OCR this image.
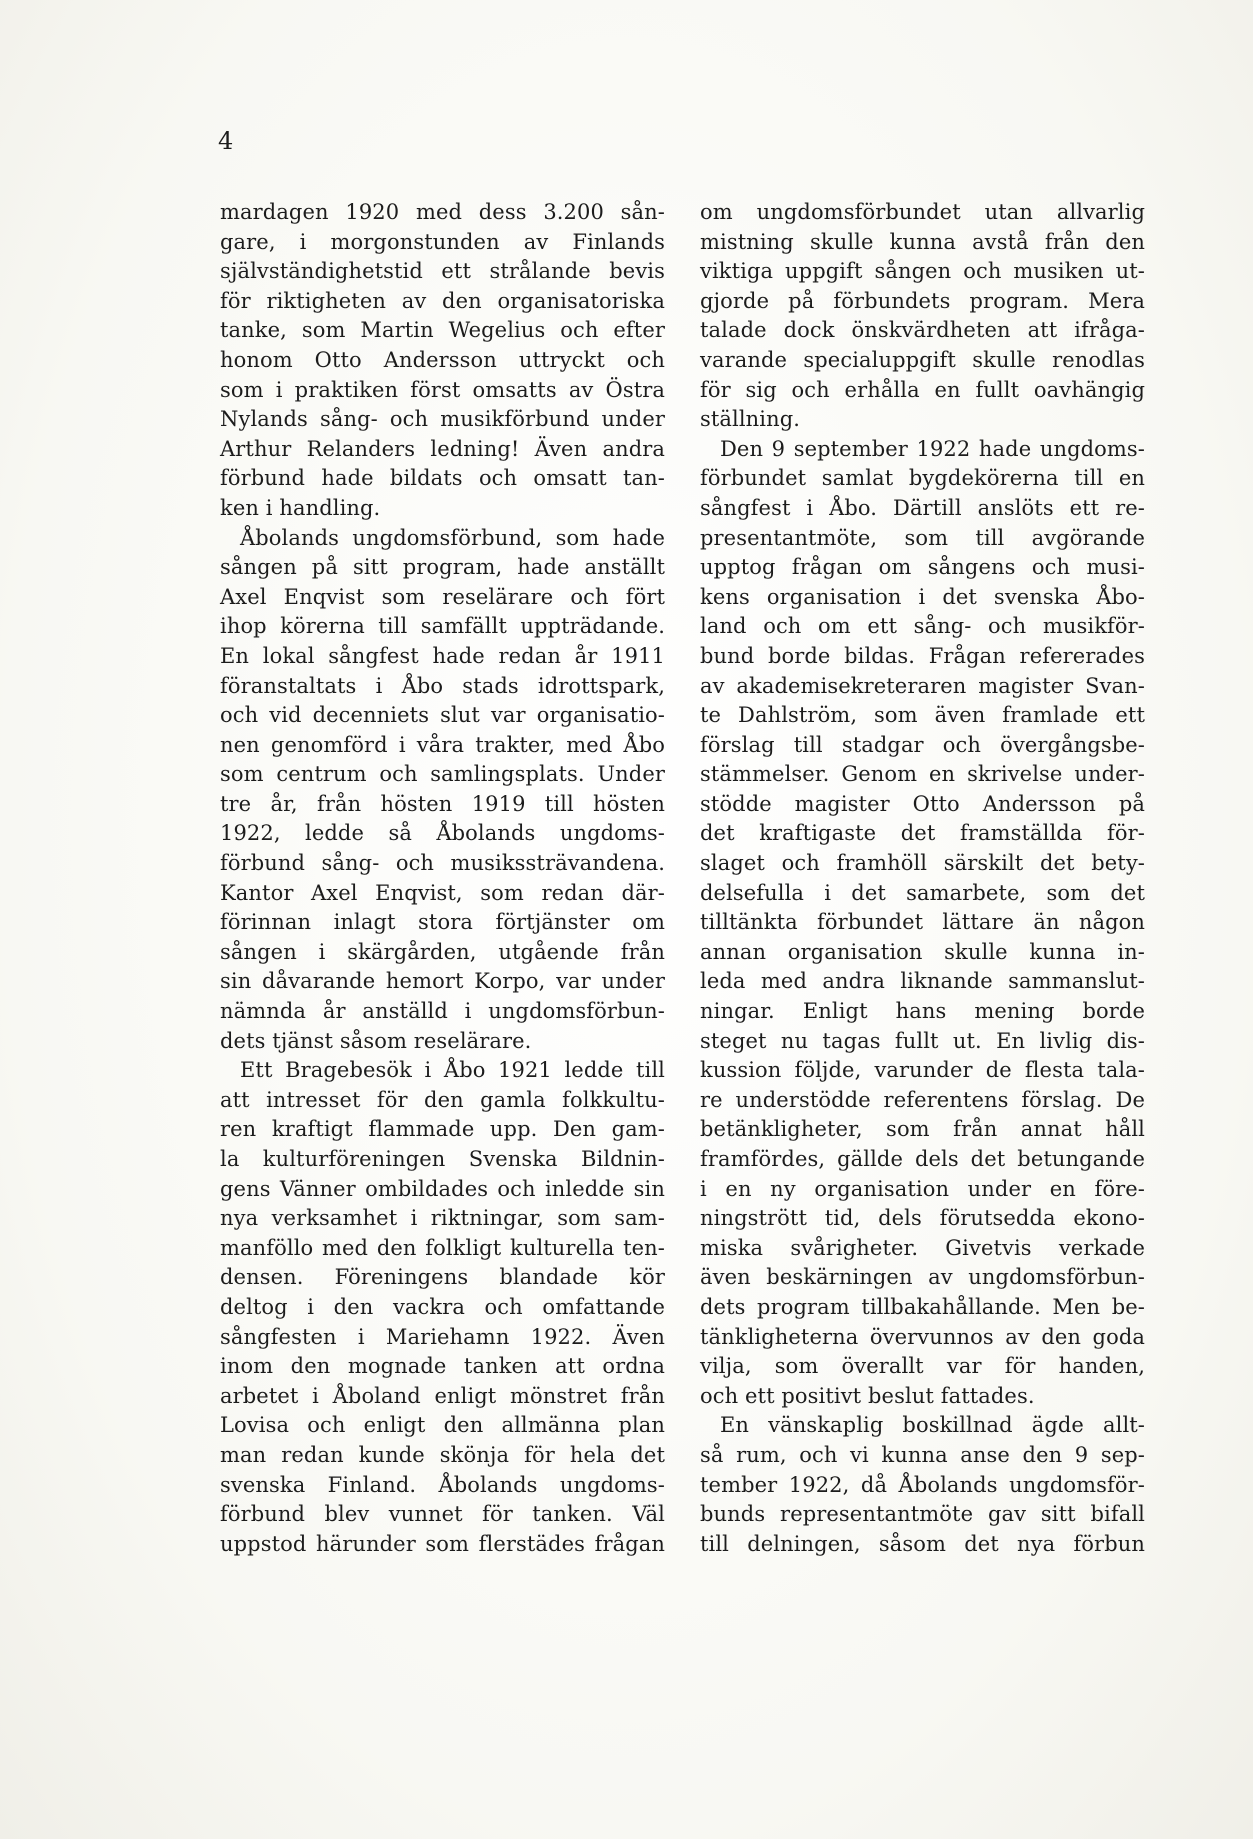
4
mardagen 1920 med dess 3.200 sån-
gare, i morgonstunden av Finlands
självständighetstid ett strålande bevis
för riktigheten av den organisatoriska
tanke, som Martin Wegelius och efter
honom Otto Andersson uttryckt och
som i praktiken först omsatts av Östra
Nylands sång- och musikförbund under
Arthur Relanders ledning! Även andra
förbund hade bildats och omsatt tan-
ken i handling.
Åbolands ungdomsförbund, som hade
sången på sitt program, hade anställt
Axel Enqvist som reselärare och fört
ihop körerna till samfällt uppträdande.
En lokal sångfest hade redan år 1911
föranstaltats i Åbo stads idrottspark,
och vid decenniets slut var organisatio-
nen genomförd i våra trakter, med Åbo
som centrum och samlingsplats. Under
tre år, från hösten 1919 till hösten
1922, ledde så Åbolands ungdoms-
förbund sång- och musikssträvandena.
Kantor Axel Enqvist, som redan där-
förinnan inlagt stora förtjänster om
sången i skärgården, utgående från
sin dåvarande hemort Korpo, var under
nämnda år anställd i ungdomsförbun-
dets tjänst såsom reselärare.
Ett Bragebesök i Åbo 1921 ledde till
att intresset för den gamla folkkultu-
ren kraftigt flammade upp. Den gam-
la kulturföreningen Svenska Bildnin-
gens Vänner ombildades och inledde sin
nya verksamhet i riktningar, som sam-
manföllo med den folkligt kulturella ten-
densen. Föreningens blandade kör
deltog i den vackra och omfattande
sångfesten i Mariehamn 1922. Även
inom den mognade tanken att ordna
arbetet i Åboland enligt mönstret från
Lovisa och enligt den allmänna plan
man redan kunde skönja för hela det
svenska Finland. Åbolands ungdoms-
förbund blev vunnet för tanken. Väl
uppstod härunder som flerstädes frågan
om ungdomsförbundet utan allvarlig
mistning skulle kunna avstå från den
viktiga uppgift sången och musiken ut-
gjorde på förbundets program. Mera
talade dock önskvärdheten att ifråga-
varande specialuppgift skulle renodlas
för sig och erhålla en fullt oavhängig
ställning.
Den 9 september 1922 hade ungdoms-
förbundet samlat bygdekörerna till en
sångfest i Åbo. Därtill anslöts ett re-
presentantmöte, som till avgörande
upptog frågan om sångens och musi-
kens organisation i det svenska Åbo-
land och om ett sång- och musikför-
bund borde bildas. Frågan refererades
av akademisekreteraren magister Svan-
te Dahlström, som även framlade ett
förslag till stadgar och övergångsbe-
stämmelser. Genom en skrivelse under-
stödde magister Otto Andersson på
det kraftigaste det framställda för-
slaget och framhöll särskilt det bety-
delsefulla i det samarbete, som det
tilltänkta förbundet lättare än någon
annan organisation skulle kunna in-
leda med andra liknande sammanslut-
ningar. Enligt hans mening borde
steget nu tagas fullt ut. En livlig dis-
kussion följde, varunder de flesta tala-
re understödde referentens förslag. De
betänkligheter, som från annat håll
framfördes, gällde dels det betungande
i en ny organisation under en före-
ningstrött tid, dels förutsedda ekono-
miska svårigheter. Givetvis verkade
även beskärningen av ungdomsförbun-
dets program tillbakahållande. Men be-
tänkligheterna övervunnos av den goda
vilja, som överallt var för handen,
och ett positivt beslut fattades.
En vänskaplig boskillnad ägde allt-
så rum, och vi kunna anse den 9 sep-
tember 1922, då Åbolands ungdomsför-
bunds representantmöte gav sitt bifall
till delningen, såsom det nya förbun
